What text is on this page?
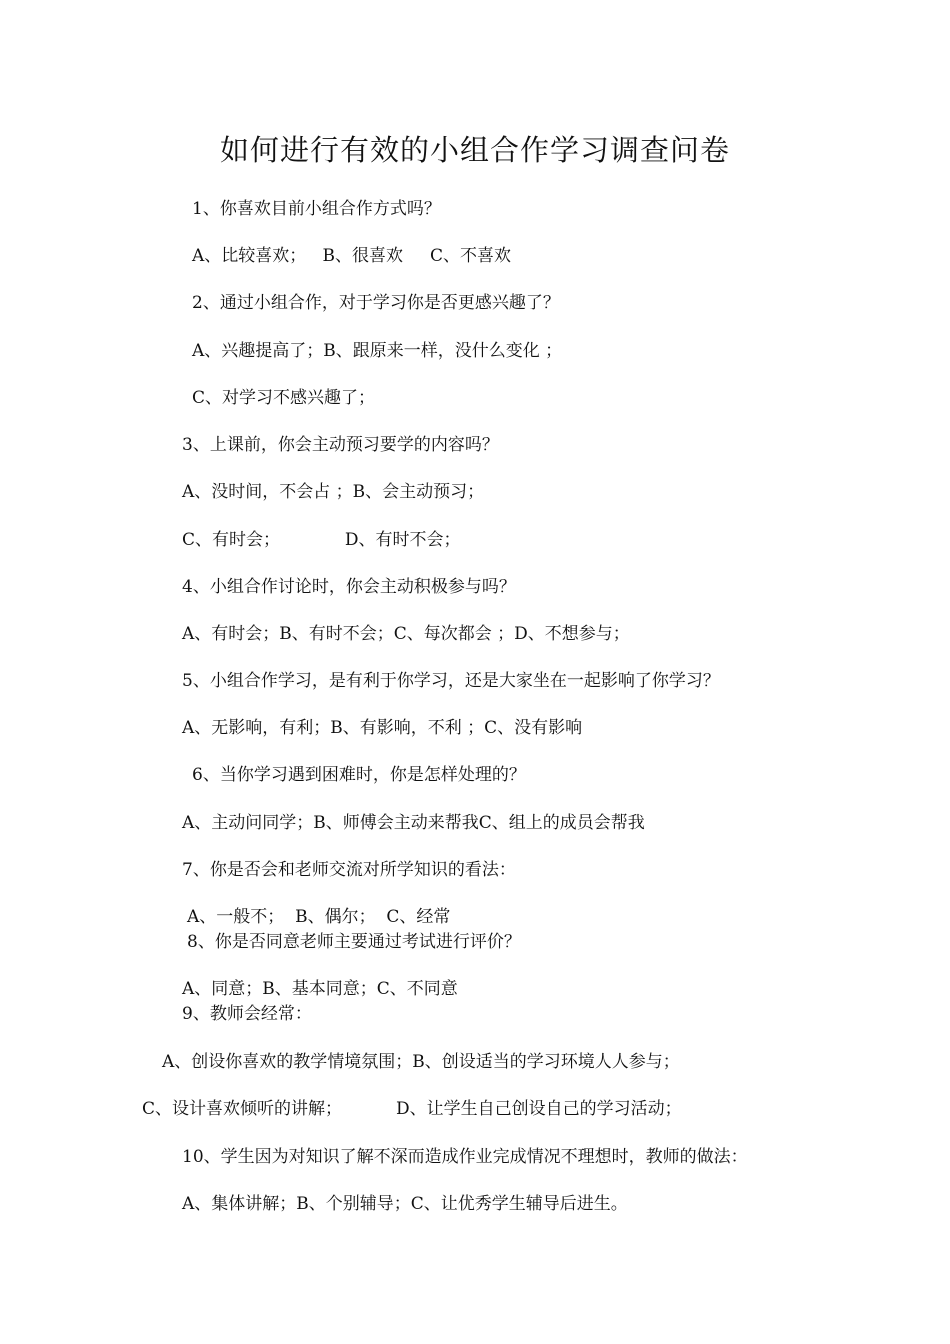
如何进行有效的小组合作学习调查问卷
1、你喜欢目前小组合作方式吗？
A、比较喜欢；   B、很喜欢     C、不喜欢
2、通过小组合作，对于学习你是否更感兴趣了？
A、兴趣提高了；B、跟原来一样，没什么变化 ；
C、对学习不感兴趣了；
3、上课前，你会主动预习要学的内容吗？
A、没时间，不会占 ；B、会主动预习；
C、有时会；            D、有时不会；
4、小组合作讨论时，你会主动积极参与吗？
A、有时会；B、有时不会；C、每次都会 ；D、不想参与；
5、小组合作学习，是有利于你学习，还是大家坐在一起影响了你学习？
A、无影响，有利；B、有影响，不利 ；C、没有影响
6、当你学习遇到困难时，你是怎样处理的？
A、主动问同学；B、师傅会主动来帮我C、组上的成员会帮我
7、你是否会和老师交流对所学知识的看法：
A、一般不；  B、偶尔；  C、经常
8、你是否同意老师主要通过考试进行评价？
A、同意；B、基本同意；C、不同意
9、教师会经常：
A、创设你喜欢的教学情境氛围；B、创设适当的学习环境人人参与；
C、设计喜欢倾听的讲解；          D、让学生自己创设自己的学习活动；
10、学生因为对知识了解不深而造成作业完成情况不理想时，教师的做法：
A、集体讲解；B、个别辅导；C、让优秀学生辅导后进生。
